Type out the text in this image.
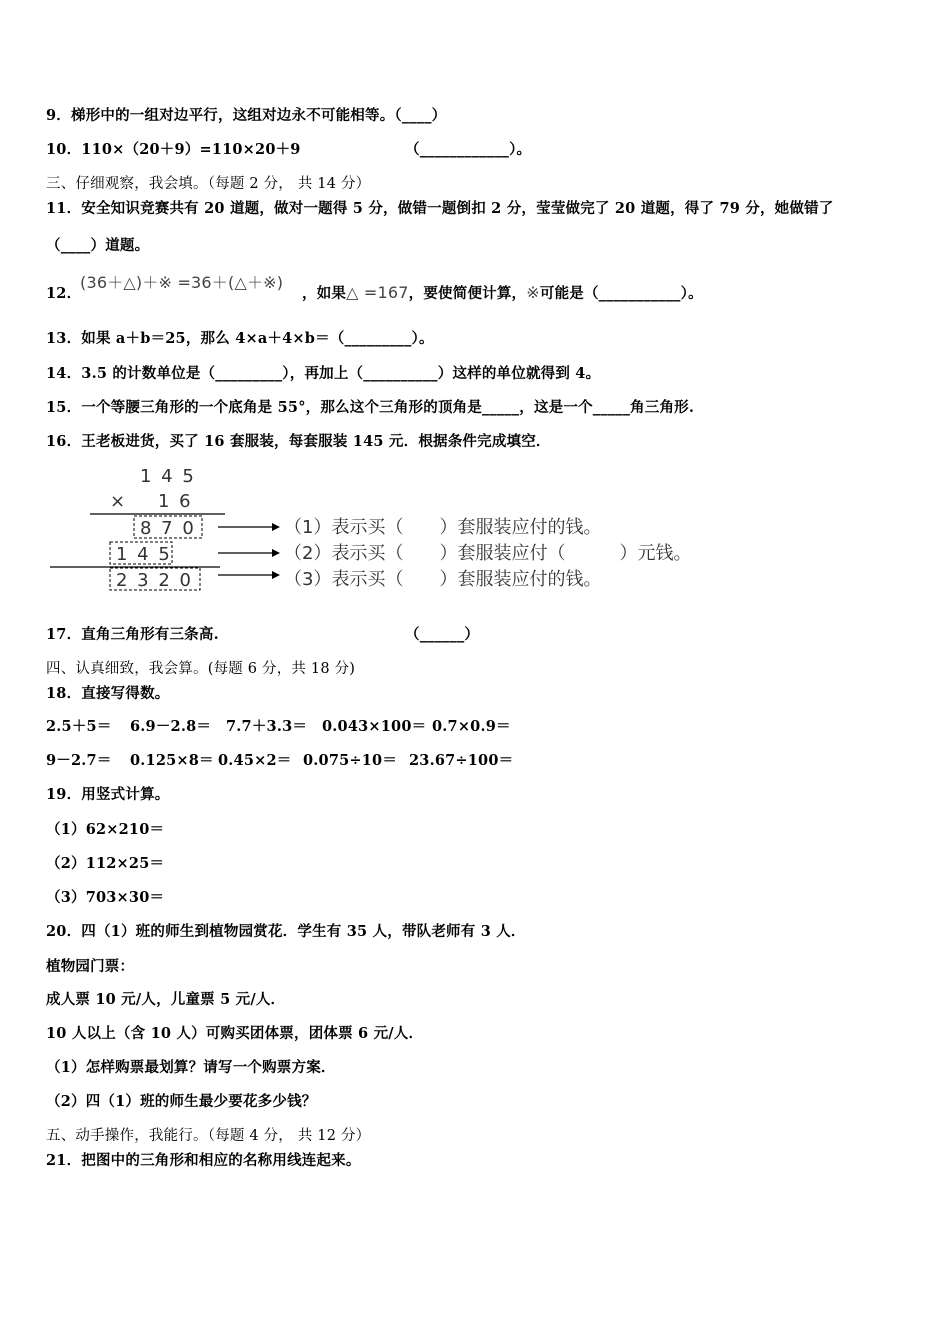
9．梯形中的一组对边平行，这组对边永不可能相等。（____）
10．110×（20＋9）=110×20＋9	（____________）。
三、仔细观察，我会填。（每题 2 分， 共 14 分）
11．安全知识竞赛共有 20 道题，做对一题得 5 分，做错一题倒扣 2 分，莹莹做完了 20 道题，得了 79 分，她做错了
（____）道题。
12．
(36＋△)＋※ =36＋(△＋※)
，如果△ =167，要使简便计算，※可能是（___________）。
13．如果 a＋b＝25，那么 4×a＋4×b＝（_________）。
14．3.5 的计数单位是（_________），再加上（__________）这样的单位就得到 4。
15．一个等腰三角形的一个底角是 55°，那么这个三角形的顶角是_____，这是一个_____角三角形.
16．王老板进货，买了 16 套服装，每套服装 145 元．根据条件完成填空．
1 4 5
× 1 6
8 7 0
1 4 5
2 3 2 0
（1）表示买（　　）套服装应付的钱。
（2）表示买（　　）套服装应付（　　　）元钱。
（3）表示买（　　）套服装应付的钱。
17．直角三角形有三条高.	（______）
四、认真细致，我会算。(每题 6 分，共 18 分)
18．直接写得数。
2.5＋5＝ 6.9－2.8＝ 7.7＋3.3＝ 0.043×100＝ 0.7×0.9＝
9－2.7＝ 0.125×8＝ 0.45×2＝ 0.075÷10＝ 23.67÷100＝
19．用竖式计算。
（1）62×210＝
（2）112×25＝
（3）703×30＝
20．四（1）班的师生到植物园赏花．学生有 35 人，带队老师有 3 人．
植物园门票：
成人票 10 元/人，儿童票 5 元/人．
10 人以上（含 10 人）可购买团体票，团体票 6 元/人．
（1）怎样购票最划算？请写一个购票方案．
（2）四（1）班的师生最少要花多少钱？
五、动手操作，我能行。（每题 4 分， 共 12 分）
21．把图中的三角形和相应的名称用线连起来。
